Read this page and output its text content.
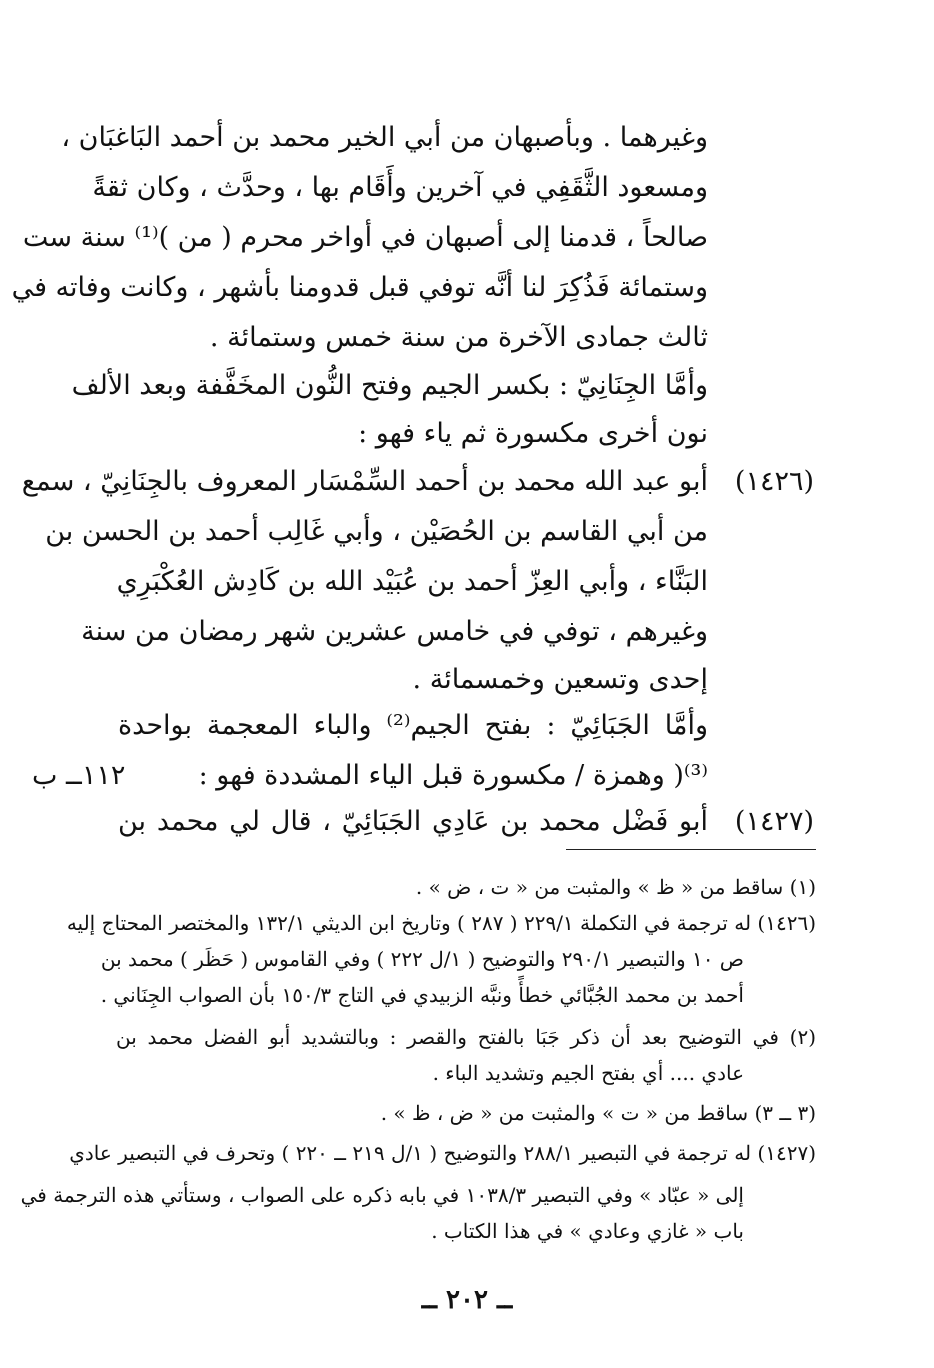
وغيرهما . وبأصبهان من أبي الخير محمد بن أحمد البَاغبَان ،
ومسعود الثَّقَفِي في آخرين وأَقَام بها ، وحدَّث ، وكان ثقةً
صالحاً ، قدمنا إلى أصبهان في أواخر محرم ( من )⁽¹⁾ سنة ست
وستمائة فَذُكِرَ لنا أنَّه توفي قبل قدومنا بأشهر ، وكانت وفاته في
ثالث جمادى الآخرة من سنة خمس وستمائة .
وأمَّا الجِنَانِيّ : بكسر الجيم وفتح النُّون المخَفَّفة وبعد الألف
نون أخرى مكسورة ثم ياء فهو :
(١٤٢٦)
أبو عبد الله محمد بن أحمد السِّمْسَار المعروف بالجِنَانِيّ ، سمع
من أبي القاسم بن الحُصَيْن ، وأبي غَالِب أحمد بن الحسن بن
البَنَّاء ، وأبي العِزّ أحمد بن عُبَيْد الله بن كَادِش العُكْبَرِي
وغيرهم ، توفي في خامس عشرين شهر رمضان من سنة
إحدى وتسعين وخمسمائة .
وأمَّا الجَبَائِيّ : بفتح الجيم⁽²⁾ والباء المعجمة بواحدة
⁽³⁾( وهمزة / مكسورة قبل الياء المشددة فهو :
١١٢ــ ب
(١٤٢٧)
أبو فَضْل محمد بن عَادِي الجَبَائِيّ ، قال لي محمد بن
(١) ساقط من « ظ » والمثبت من « ت ، ض » .
(١٤٢٦) له ترجمة في التكملة ٢٢٩/١ ( ٢٨٧ ) وتاريخ ابن الديثي ١٣٢/١ والمختصر المحتاج إليه
ص ١٠ والتبصير ٢٩٠/١ والتوضيح ( ١/ل ٢٢٢ ) وفي القاموس ( حَظَر ) محمد بن
أحمد بن محمد الجُبَّائي خطأً ونبَّه الزبيدي في التاج ١٥٠/٣ بأن الصواب الجِنَاني .
(٢) في التوضيح بعد أن ذكر جَبَا بالفتح والقصر : وبالتشديد أبو الفضل محمد بن
عادي .... أي بفتح الجيم وتشديد الباء .
(٣ ــ ٣) ساقط من « ت » والمثبت من « ض ، ظ » .
(١٤٢٧) له ترجمة في التبصير ٢٨٨/١ والتوضيح ( ١/ل ٢١٩ ــ ٢٢٠ ) وتحرف في التبصير عادي
إلى « عبّاد » وفي التبصير ١٠٣٨/٣ في بابه ذكره على الصواب ، وستأتي هذه الترجمة في
باب « غازي وعادي » في هذا الكتاب .
ــ ٢٠٢ ــ
